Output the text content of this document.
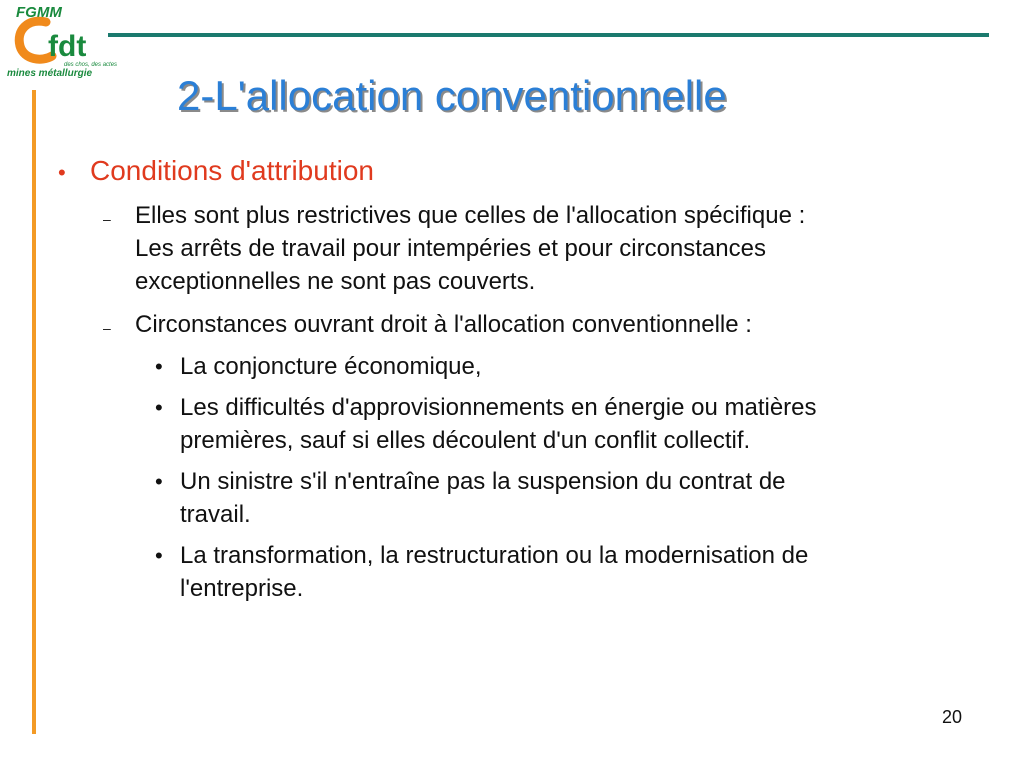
FGMM
fdt
des chos, des actes
mines métallurgie 2-L'allocation conventionnelle
• Conditions d'attribution
– Elles sont plus restrictives que celles de l'allocation spécifique :
Les arrêts de travail pour intempéries et pour circonstances
exceptionnelles ne sont pas couverts.
– Circonstances ouvrant droit à l'allocation conventionnelle :
• La conjoncture économique,
• Les difficultés d'approvisionnements en énergie ou matières
premières, sauf si elles découlent d'un conflit collectif.
• Un sinistre s'il n'entraîne pas la suspension du contrat de
travail.
• La transformation, la restructuration ou la modernisation de
l'entreprise.
20
